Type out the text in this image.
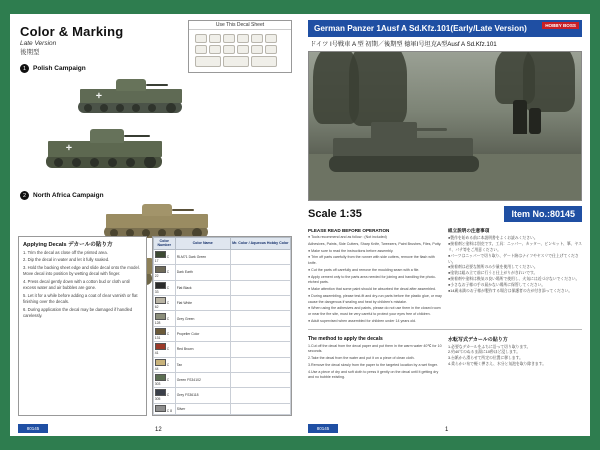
Color & Marking
Late Version
後期型
Use This Decal Sheet
1	Polish Campaign
✛
✛
2	North Africa Campaign
Applying Decals デカールの貼り方

1. Trim the decal as close off the printed area.

2. Dip the decal in water and let it fully soaked.

3. Hold the backing sheet edge and slide decal onto the model. Move decal into position by wetting decal with finger.

4. Press decal gently down with a cotton bud or cloth until excess water and air bubbles are gone.

5. Let it for a while before adding a coat of clear varnish or flat finishing over the decals.

6. During application the decal may be damaged if handled carelessly.

Color Number	Color Name	Mr. Color / Aqueous Hobby Color
C 17	RLM71 Dark Green	
C 22	Dark Earth	
C 33	Flat Black	
C 62	Flat White	
C 128	Grey Green	
C 131	Propeller Color	
C 41	Red Brown	
C 44	Tan	
C 303	Green FS34102	
C 305	Grey FS36118	
C 8	Silver	
80145	12
German Panzer 1Ausf A Sd.Kfz.101(Early/Late Version)	HOBBY BOSS
ドイツ I号戦車 A 型 初期／後期型 德軍I号坦克A型Ausf A Sd.Kfz.101
Scale 1:35	Item No.:80145
PLEASE READ BEFORE OPERATION

● Tools recommend and as follow : (Not included)

Adhesives, Paints, Side Cutters, Sharp Knife, Tweezers, Paint Brushes, Files, Putty.

● Make sure to read the instructions before assembly.

● Trim off parts carefully from the runner with side cutters, remove the flash with knife.

● Cut the parts off carefully and remove the moulding seam with a file.

● Apply cement only to the parts area needed for joining and handling the photo-etched parts.

● Make attention that some paint should be absorbed the decal after assembled.

● During assembling, please test-fit and dry-run parts before the plastic glue, or may cause the dangerous if sealing and heat by children's mistake.

● When using the adhesives and paints, please do not use them in the closed room or near the fire site, must be very careful to protect your eyes free of children.

● Adult supervised when assembled for children under 14 years old.

組立説明の注意事項

●製作を始める前に本説明書をよくお読みください。

●接着剤と塗料は別売です。工具：ニッパー、カッター、ピンセット、筆、ヤスリ、パテ等をご用意ください。

●パーツはニッパーで切り取り、ゲート跡はナイフやヤスリで仕上げてください。

●接着剤は必要な箇所のみ少量を使用してください。

●塗装は組み立て前に行うと仕上がりがきれいです。

●接着剤や塗料は換気の良い場所で使用し、火気には近づけないでください。

●小さなお子様の手の届かない場所に保管してください。

●14歳未満のお子様が製作する場合は保護者の方が付き添ってください。

The method to apply the decals

1.Cut off the decal from the decal paper and put them in the warm water 40℃ for 10 seconds.

2.Take the decal from the water and put it on a piece of clean cloth.

3.Remove the decal slowly from the paper to the targeted location by a wet finger.

4.Use a piece of dry and soft cloth to press it gently on the decal until it getting dry and no bubble existing.

水転写式デカールの貼り方

1.必要なデカールをふちに沿って切り取ります。

2.約40℃のぬるま湯に10秒ほど浸します。

3.台紙から滑らせて所定の位置に移します。

4.柔らかい布で軽く押さえ、水分と気泡を取り除きます。

80145	1
